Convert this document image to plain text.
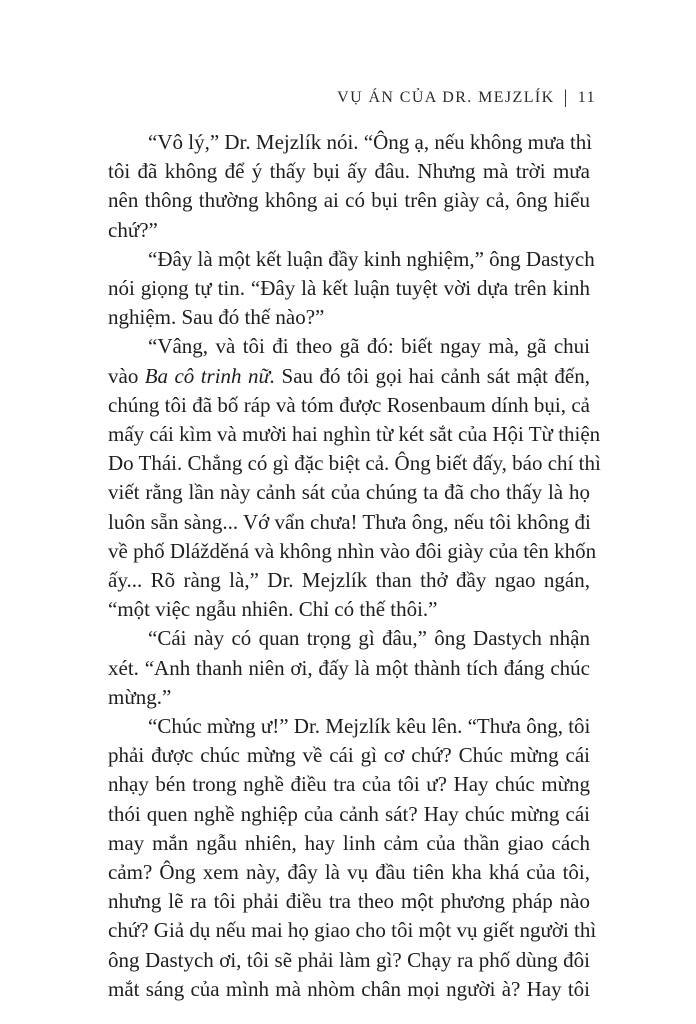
VỤ ÁN CỦA DR. MEJZLÍK | 11
“Vô lý,” Dr. Mejzlík nói. “Ông ạ, nếu không mưa thì
tôi đã không để ý thấy bụi ấy đâu. Nhưng mà trời mưa
nên thông thường không ai có bụi trên giày cả, ông hiểu
chứ?”
“Đây là một kết luận đầy kinh nghiệm,” ông Dastych
nói giọng tự tin. “Đây là kết luận tuyệt vời dựa trên kinh
nghiệm. Sau đó thế nào?”
“Vâng, và tôi đi theo gã đó: biết ngay mà, gã chui
vào Ba cô trinh nữ. Sau đó tôi gọi hai cảnh sát mật đến,
chúng tôi đã bố ráp và tóm được Rosenbaum dính bụi, cả
mấy cái kìm và mười hai nghìn từ két sắt của Hội Từ thiện
Do Thái. Chẳng có gì đặc biệt cả. Ông biết đấy, báo chí thì
viết rằng lần này cảnh sát của chúng ta đã cho thấy là họ
luôn sẵn sàng... Vớ vẩn chưa! Thưa ông, nếu tôi không đi
về phố Dlážděná và không nhìn vào đôi giày của tên khốn
ấy... Rõ ràng là,” Dr. Mejzlík than thở đầy ngao ngán,
“một việc ngẫu nhiên. Chỉ có thế thôi.”
“Cái này có quan trọng gì đâu,” ông Dastych nhận
xét. “Anh thanh niên ơi, đấy là một thành tích đáng chúc
mừng.”
“Chúc mừng ư!” Dr. Mejzlík kêu lên. “Thưa ông, tôi
phải được chúc mừng về cái gì cơ chứ? Chúc mừng cái
nhạy bén trong nghề điều tra của tôi ư? Hay chúc mừng
thói quen nghề nghiệp của cảnh sát? Hay chúc mừng cái
may mắn ngẫu nhiên, hay linh cảm của thần giao cách
cảm? Ông xem này, đây là vụ đầu tiên kha khá của tôi,
nhưng lẽ ra tôi phải điều tra theo một phương pháp nào
chứ? Giả dụ nếu mai họ giao cho tôi một vụ giết người thì
ông Dastych ơi, tôi sẽ phải làm gì? Chạy ra phố dùng đôi
mắt sáng của mình mà nhòm chân mọi người à? Hay tôi
